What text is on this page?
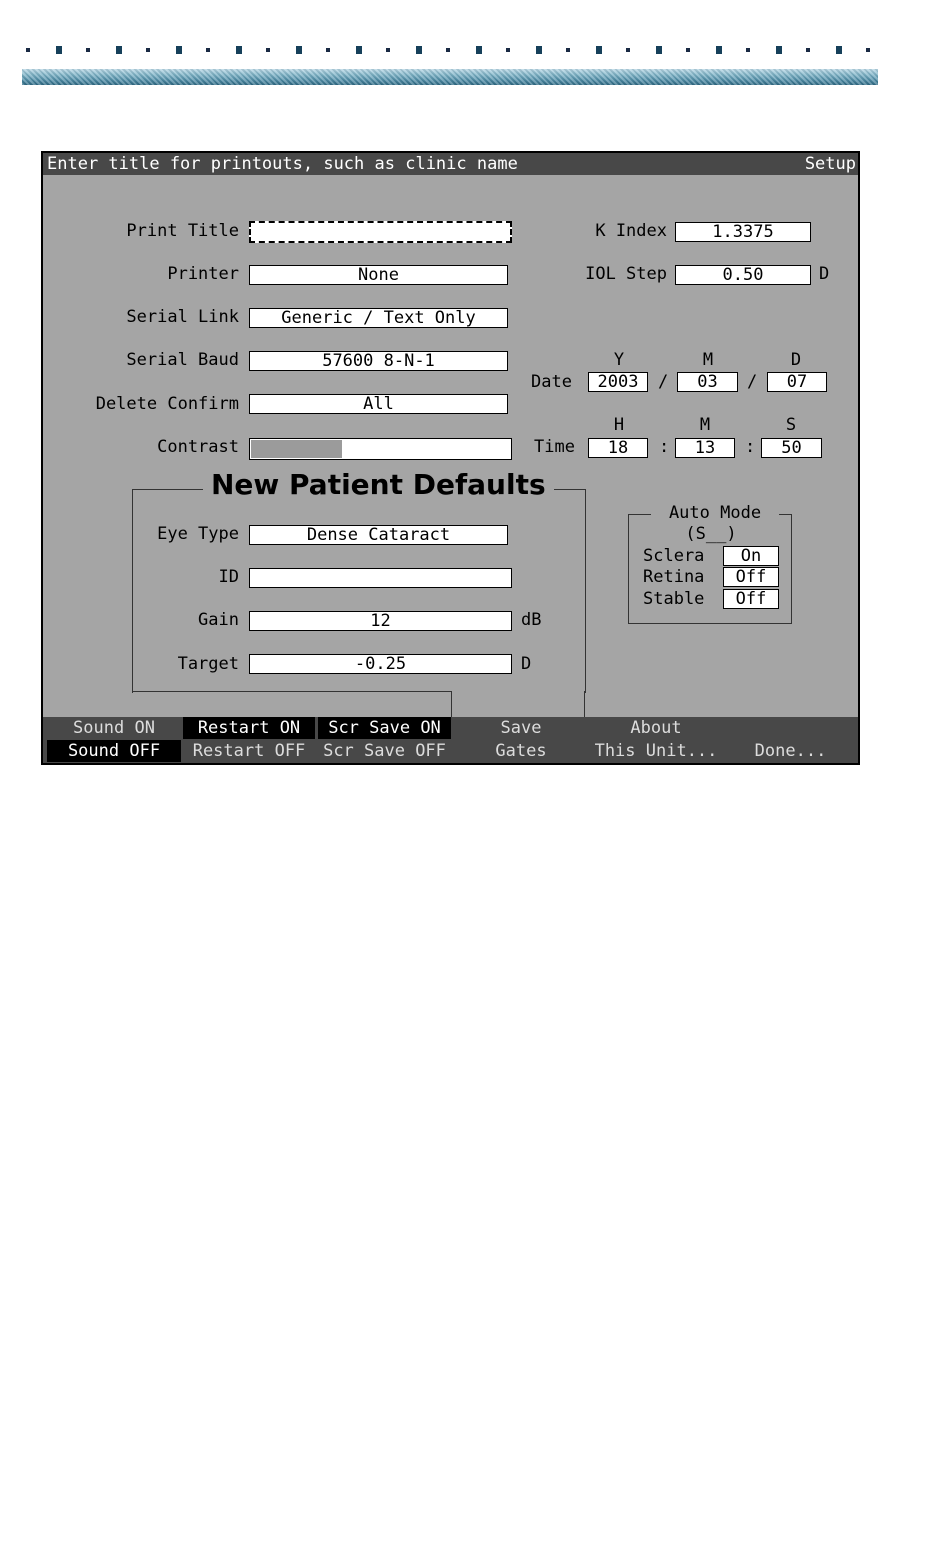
Enter title for printouts, such as clinic name	Setup
Print Title
Printer	None
Serial Link	Generic / Text Only
Serial Baud	57600 8-N-1
Delete Confirm	All
Contrast
K Index	1.3375
IOL Step	0.50	D
Y	M	D
Date	2003	/	03	/	07
H	M	S
Time	18	:	13	:	50
New Patient Defaults
Eye Type	Dense Cataract
ID
Gain	12	dB
Target	-0.25	D
Auto Mode
(S__)
Sclera	On
Retina	Off
Stable	Off
Sound ON
Sound OFF
Restart ON
Restart OFF
Scr Save ON
Scr Save OFF
Save
Gates
About
This Unit...	Done...
